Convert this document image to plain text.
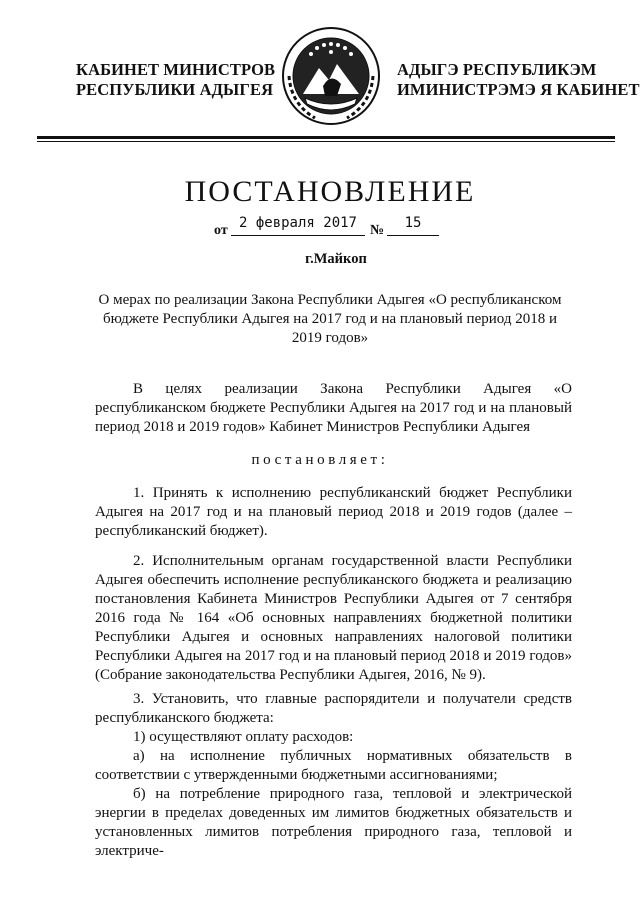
КАБИНЕТ МИНИСТРОВ
РЕСПУБЛИКИ АДЫГЕЯ
АДЫГЭ РЕСПУБЛИКЭМ
ИМИНИСТРЭМЭ Я КАБИНЕТ
ПОСТАНОВЛЕНИЕ
от 2 февраля 2017 №	15
г.Майкоп
О мерах по реализации Закона Республики Адыгея «О республиканском бюджете Республики Адыгея на 2017 год и на плановый период 2018 и 2019 годов»

В целях реализации Закона Республики Адыгея «О республиканском бюджете Республики Адыгея на 2017 год и на плановый период 2018 и 2019 годов» Кабинет Министров Республики Адыгея

постановляет:

1. Принять к исполнению республиканский бюджет Республики Адыгея на 2017 год и на плановый период 2018 и 2019 годов (далее – республиканский бюджет).

2. Исполнительным органам государственной власти Республики Адыгея обеспечить исполнение республиканского бюджета и реализацию постановления Кабинета Министров Республики Адыгея от 7 сентября 2016 года № 164 «Об основных направлениях бюджетной политики Республики Адыгея и основных направлениях налоговой политики Республики Адыгея на 2017 год и на плановый период 2018 и 2019 годов» (Собрание законодательства Республики Адыгея, 2016, № 9).

3. Установить, что главные распорядители и получатели средств республиканского бюджета:

1) осуществляют оплату расходов:

а) на исполнение публичных нормативных обязательств в соответствии с утвержденными бюджетными ассигнованиями;

б) на потребление природного газа, тепловой и электрической энергии в пределах доведенных им лимитов бюджетных обязательств и установленных лимитов потребления природного газа, тепловой и электриче-
